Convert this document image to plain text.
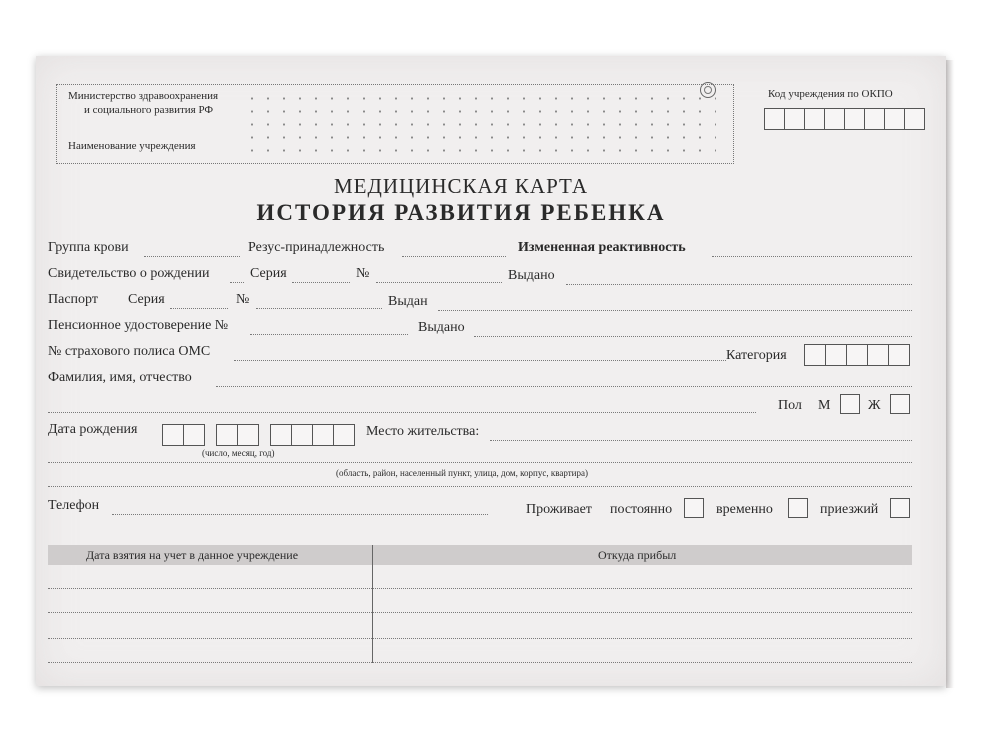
Министерство здравоохранения
и социального развития РФ
Наименование учреждения
Код учреждения по ОКПО
МЕДИЦИНСКАЯ КАРТА
ИСТОРИЯ РАЗВИТИЯ РЕБЕНКА
Группа крови	Резус-принадлежность	Измененная реактивность
Свидетельство о рождении	Серия	№	Выдано
Паспорт Серия	№	Выдан
Пенсионное удостоверение №	Выдано
№ страхового полиса ОМС	Категория
Фамилия, имя, отчество
Пол М	Ж
Дата рождения	Место жительства:
(число, месяц, год)
(область, район, населенный пункт, улица, дом, корпус, квартира)
Телефон	Проживает постоянно	временно	приезжий
Дата взятия на учет в данное учреждение	Откуда прибыл
